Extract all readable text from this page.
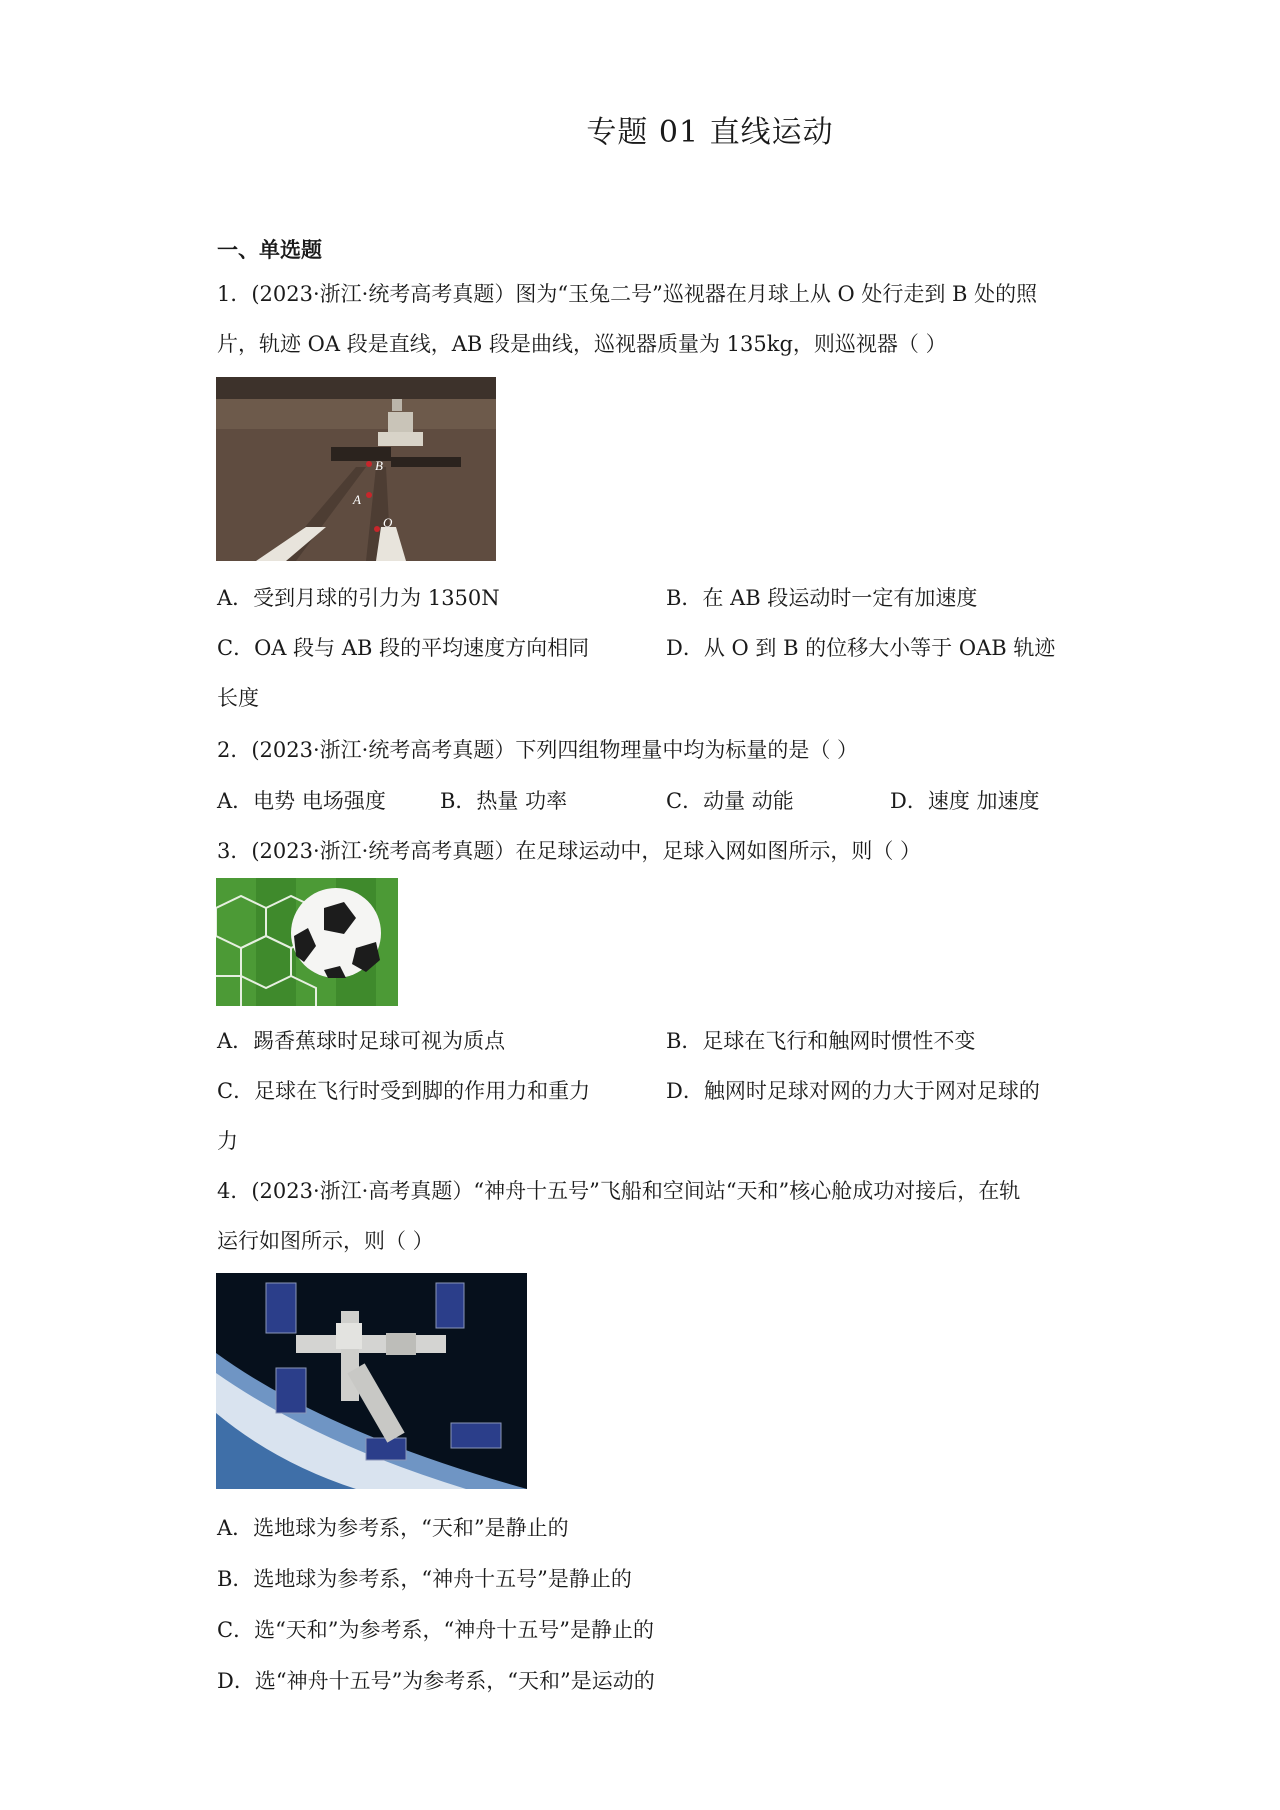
专题 01 直线运动
一、单选题
1．(2023·浙江·统考高考真题）图为“玉兔二号”巡视器在月球上从 O 处行走到 B 处的照
片，轨迹 OA 段是直线，AB 段是曲线，巡视器质量为 135kg，则巡视器（ ）
B
A
O
A．受到月球的引力为 1350N	B．在 AB 段运动时一定有加速度
C．OA 段与 AB 段的平均速度方向相同	D．从 O 到 B 的位移大小等于 OAB 轨迹
长度
2．(2023·浙江·统考高考真题）下列四组物理量中均为标量的是（ ）
A．电势 电场强度	B．热量 功率	C．动量 动能	D．速度 加速度
3．(2023·浙江·统考高考真题）在足球运动中，足球入网如图所示，则（ ）
A．踢香蕉球时足球可视为质点	B．足球在飞行和触网时惯性不变
C．足球在飞行时受到脚的作用力和重力	D．触网时足球对网的力大于网对足球的
力
4．(2023·浙江·高考真题）“神舟十五号”飞船和空间站“天和”核心舱成功对接后，在轨
运行如图所示，则（ ）
A．选地球为参考系，“天和”是静止的
B．选地球为参考系，“神舟十五号”是静止的
C．选“天和”为参考系，“神舟十五号”是静止的
D．选“神舟十五号”为参考系，“天和”是运动的
